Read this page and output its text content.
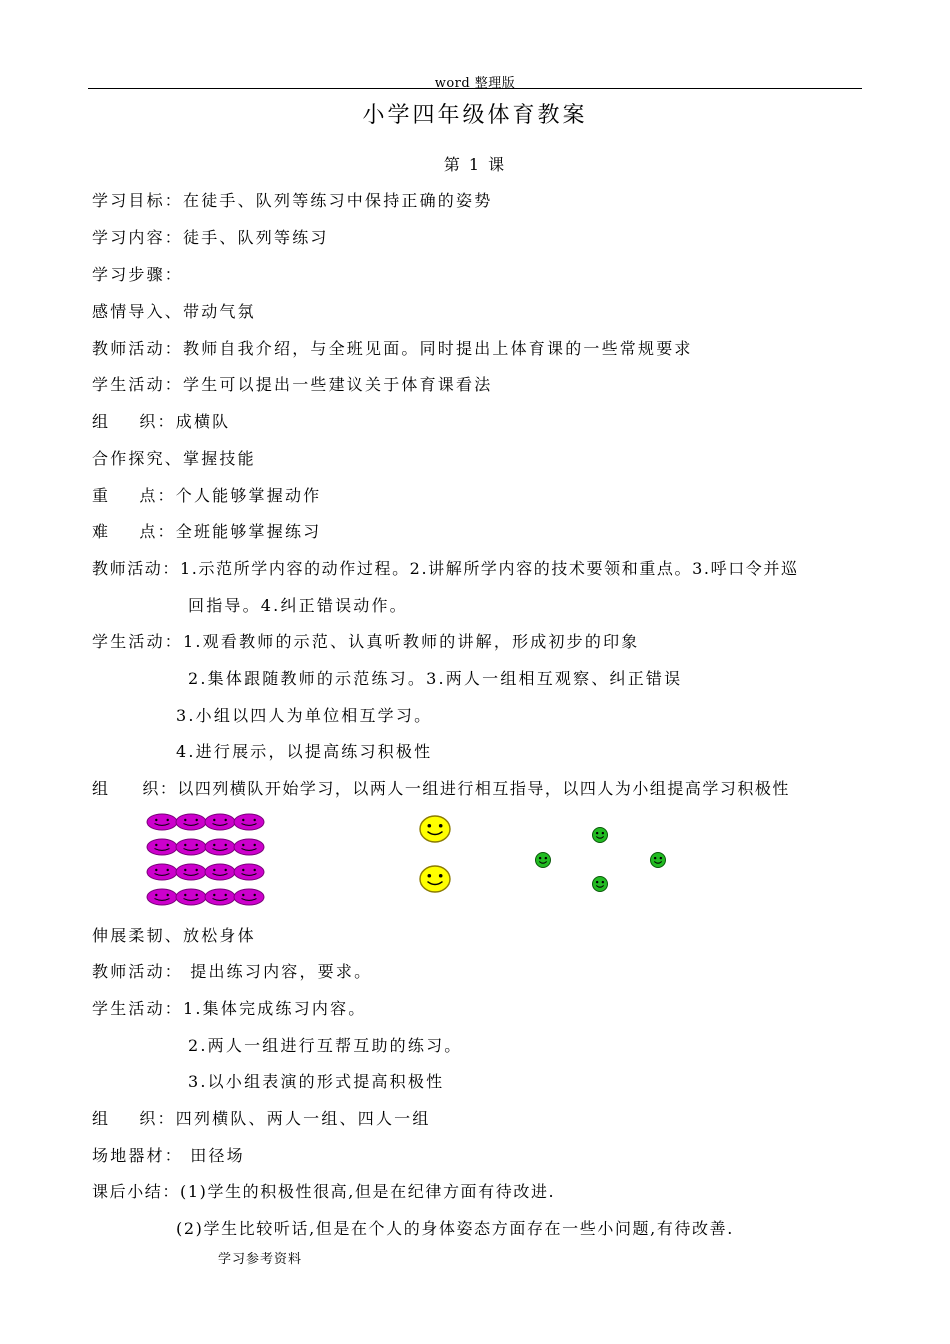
word 整理版
小学四年级体育教案
第 1 课
学习目标：在徒手、队列等练习中保持正确的姿势
学习内容：徒手、队列等练习
学习步骤：
感情导入、带动气氛
教师活动：教师自我介绍，与全班见面。同时提出上体育课的一些常规要求
学生活动：学生可以提出一些建议关于体育课看法
组    织：成横队
合作探究、掌握技能
重    点：个人能够掌握动作
难    点：全班能够掌握练习
教师活动：1.示范所学内容的动作过程。2.讲解所学内容的技术要领和重点。3.呼口令并巡
回指导。4.纠正错误动作。
学生活动：1.观看教师的示范、认真听教师的讲解，形成初步的印象
2.集体跟随教师的示范练习。3.两人一组相互观察、纠正错误
3.小组以四人为单位相互学习。
4.进行展示，以提高练习积极性
组     织：以四列横队开始学习，以两人一组进行相互指导，以四人为小组提高学习积极性
伸展柔韧、放松身体
教师活动： 提出练习内容，要求。
学生活动：1.集体完成练习内容。
2.两人一组进行互帮互助的练习。
3.以小组表演的形式提高积极性
组    织：四列横队、两人一组、四人一组
场地器材： 田径场
课后小结：(1)学生的积极性很高,但是在纪律方面有待改进.
(2)学生比较听话,但是在个人的身体姿态方面存在一些小问题,有待改善.
学习参考资料
